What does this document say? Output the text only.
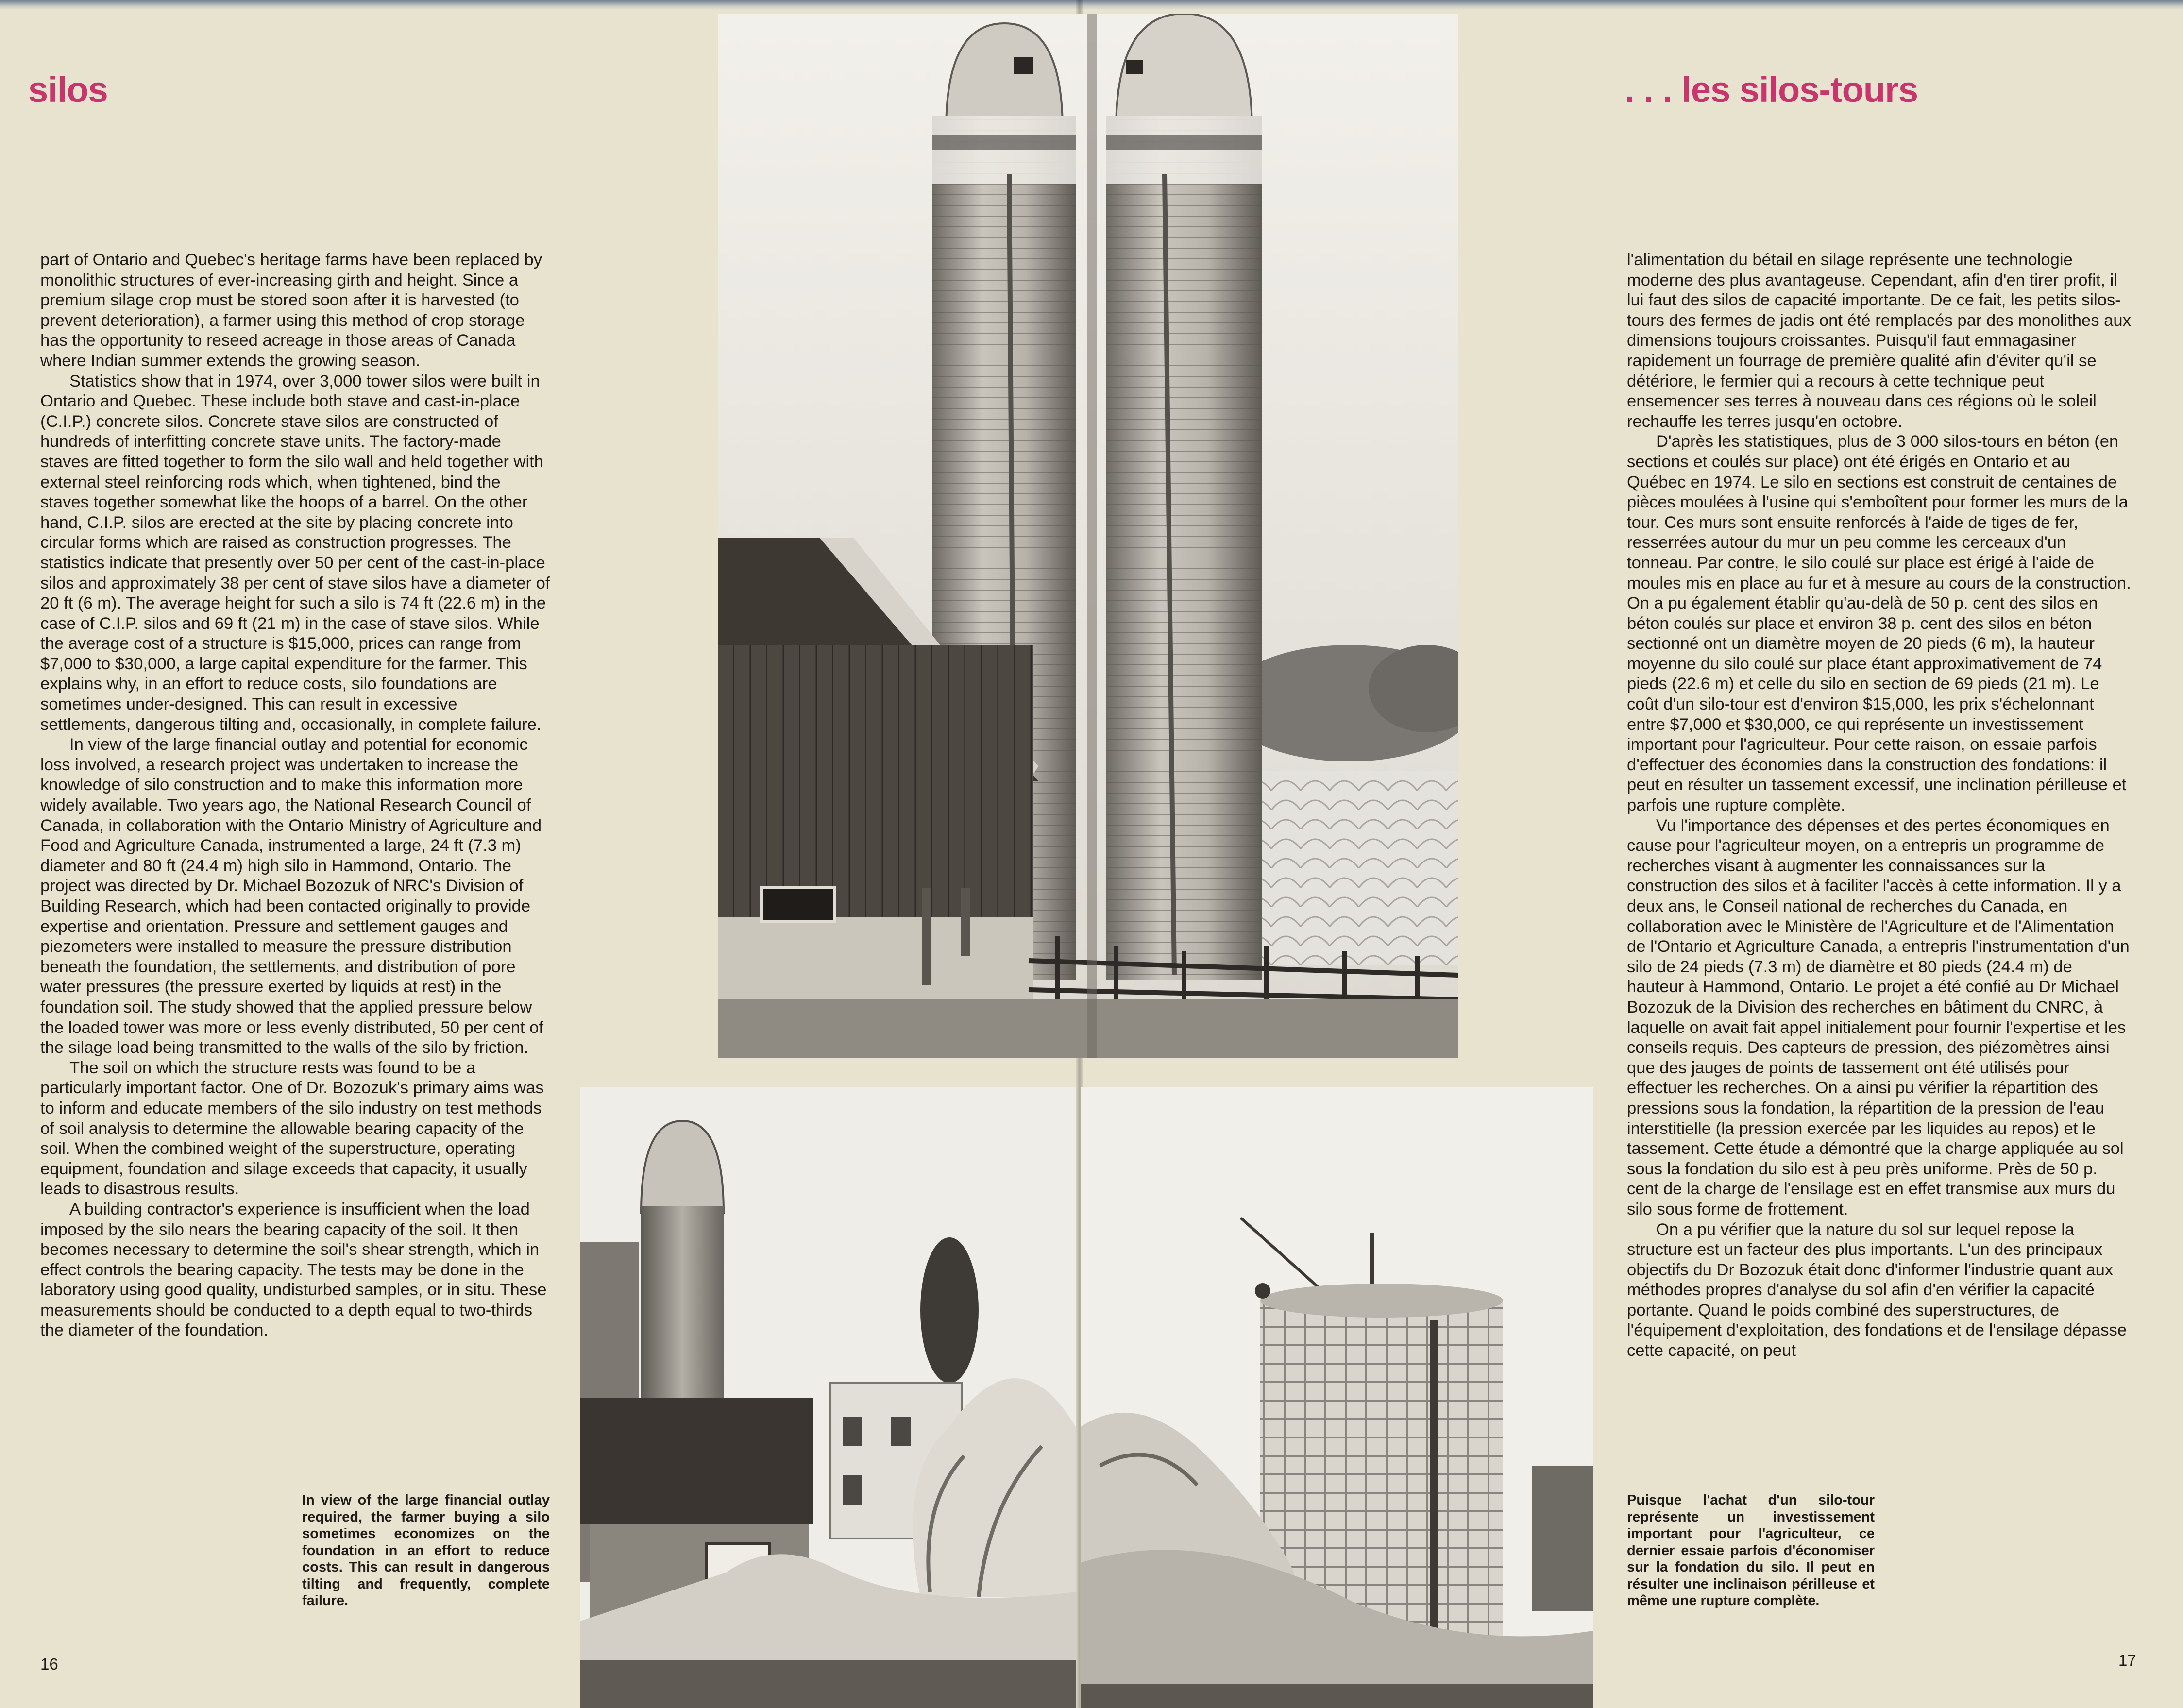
silos

part of Ontario and Quebec's heritage farms have been replaced by monolithic structures of ever-increasing girth and height. Since a premium silage crop must be stored soon after it is harvested (to prevent deterioration), a farmer using this method of crop storage has the opportunity to reseed acreage in those areas of Canada where Indian summer extends the growing season.

Statistics show that in 1974, over 3,000 tower silos were built in Ontario and Quebec. These include both stave and cast-in-place (C.I.P.) concrete silos. Concrete stave silos are constructed of hundreds of interfitting concrete stave units. The factory-made staves are fitted together to form the silo wall and held together with external steel reinforcing rods which, when tightened, bind the staves together somewhat like the hoops of a barrel. On the other hand, C.I.P. silos are erected at the site by placing concrete into circular forms which are raised as construction progresses. The statistics indicate that presently over 50 per cent of the cast-in-place silos and approximately 38 per cent of stave silos have a diameter of 20 ft (6 m). The average height for such a silo is 74 ft (22.6 m) in the case of C.I.P. silos and 69 ft (21 m) in the case of stave silos. While the average cost of a structure is $15,000, prices can range from $7,000 to $30,000, a large capital expenditure for the farmer. This explains why, in an effort to reduce costs, silo foundations are sometimes under-designed. This can result in excessive settlements, dangerous tilting and, occasionally, in complete failure.

In view of the large financial outlay and potential for economic loss involved, a research project was undertaken to increase the knowledge of silo construction and to make this information more widely available. Two years ago, the National Research Council of Canada, in collaboration with the Ontario Ministry of Agriculture and Food and Agriculture Canada, instrumented a large, 24 ft (7.3 m) diameter and 80 ft (24.4 m) high silo in Hammond, Ontario. The project was directed by Dr. Michael Bozozuk of NRC's Division of Building Research, which had been contacted originally to provide expertise and orientation. Pressure and settlement gauges and piezometers were installed to measure the pressure distribution beneath the foundation, the settlements, and distribution of pore water pressures (the pressure exerted by liquids at rest) in the foundation soil. The study showed that the applied pressure below the loaded tower was more or less evenly distributed, 50 per cent of the silage load being transmitted to the walls of the silo by friction.

The soil on which the structure rests was found to be a particularly important factor. One of Dr. Bozozuk's primary aims was to inform and educate members of the silo industry on test methods of soil analysis to determine the allowable bearing capacity of the soil. When the combined weight of the superstructure, operating equipment, foundation and silage exceeds that capacity, it usually leads to disastrous results.

A building contractor's experience is insufficient when the load imposed by the silo nears the bearing capacity of the soil. It then becomes necessary to determine the soil's shear strength, which in effect controls the bearing capacity. The tests may be done in the laboratory using good quality, undisturbed samples, or in situ. These measurements should be conducted to a depth equal to two-thirds the diameter of the foundation.

In view of the large financial outlay required, the farmer buying a silo sometimes economizes on the foundation in an effort to reduce costs. This can result in dangerous tilting and frequently, complete failure.
16
. . . les silos-tours

l'alimentation du bétail en silage représente une technologie moderne des plus avantageuse. Cependant, afin d'en tirer profit, il lui faut des silos de capacité importante. De ce fait, les petits silos-tours des fermes de jadis ont été remplacés par des monolithes aux dimensions toujours croissantes. Puisqu'il faut emmagasiner rapidement un fourrage de première qualité afin d'éviter qu'il se détériore, le fermier qui a recours à cette technique peut ensemencer ses terres à nouveau dans ces régions où le soleil rechauffe les terres jusqu'en octobre.

D'après les statistiques, plus de 3 000 silos-tours en béton (en sections et coulés sur place) ont été érigés en Ontario et au Québec en 1974. Le silo en sections est construit de centaines de pièces moulées à l'usine qui s'emboîtent pour former les murs de la tour. Ces murs sont ensuite renforcés à l'aide de tiges de fer, resserrées autour du mur un peu comme les cerceaux d'un tonneau. Par contre, le silo coulé sur place est érigé à l'aide de moules mis en place au fur et à mesure au cours de la construction. On a pu également établir qu'au-delà de 50 p. cent des silos en béton coulés sur place et environ 38 p. cent des silos en béton sectionné ont un diamètre moyen de 20 pieds (6 m), la hauteur moyenne du silo coulé sur place étant approximativement de 74 pieds (22.6 m) et celle du silo en section de 69 pieds (21 m). Le coût d'un silo-tour est d'environ $15,000, les prix s'échelonnant entre $7,000 et $30,000, ce qui représente un investissement important pour l'agriculteur. Pour cette raison, on essaie parfois d'effectuer des économies dans la construction des fondations: il peut en résulter un tassement excessif, une inclination périlleuse et parfois une rupture complète.

Vu l'importance des dépenses et des pertes économiques en cause pour l'agriculteur moyen, on a entrepris un programme de recherches visant à augmenter les connaissances sur la construction des silos et à faciliter l'accès à cette information. Il y a deux ans, le Conseil national de recherches du Canada, en collaboration avec le Ministère de l'Agriculture et de l'Alimentation de l'Ontario et Agriculture Canada, a entrepris l'instrumentation d'un silo de 24 pieds (7.3 m) de diamètre et 80 pieds (24.4 m) de hauteur à Hammond, Ontario. Le projet a été confié au Dr Michael Bozozuk de la Division des recherches en bâtiment du CNRC, à laquelle on avait fait appel initialement pour fournir l'expertise et les conseils requis. Des capteurs de pression, des piézomètres ainsi que des jauges de points de tassement ont été utilisés pour effectuer les recherches. On a ainsi pu vérifier la répartition des pressions sous la fondation, la répartition de la pression de l'eau interstitielle (la pression exercée par les liquides au repos) et le tassement. Cette étude a démontré que la charge appliquée au sol sous la fondation du silo est à peu près uniforme. Près de 50 p. cent de la charge de l'ensilage est en effet transmise aux murs du silo sous forme de frottement.

On a pu vérifier que la nature du sol sur lequel repose la structure est un facteur des plus importants. L'un des principaux objectifs du Dr Bozozuk était donc d'informer l'industrie quant aux méthodes propres d'analyse du sol afin d'en vérifier la capacité portante. Quand le poids combiné des superstructures, de l'équipement d'exploitation, des fondations et de l'ensilage dépasse cette capacité, on peut

Puisque l'achat d'un silo-tour représente un investissement important pour l'agriculteur, ce dernier essaie parfois d'économiser sur la fondation du silo. Il peut en résulter une inclinaison périlleuse et même une rupture complète.
17
